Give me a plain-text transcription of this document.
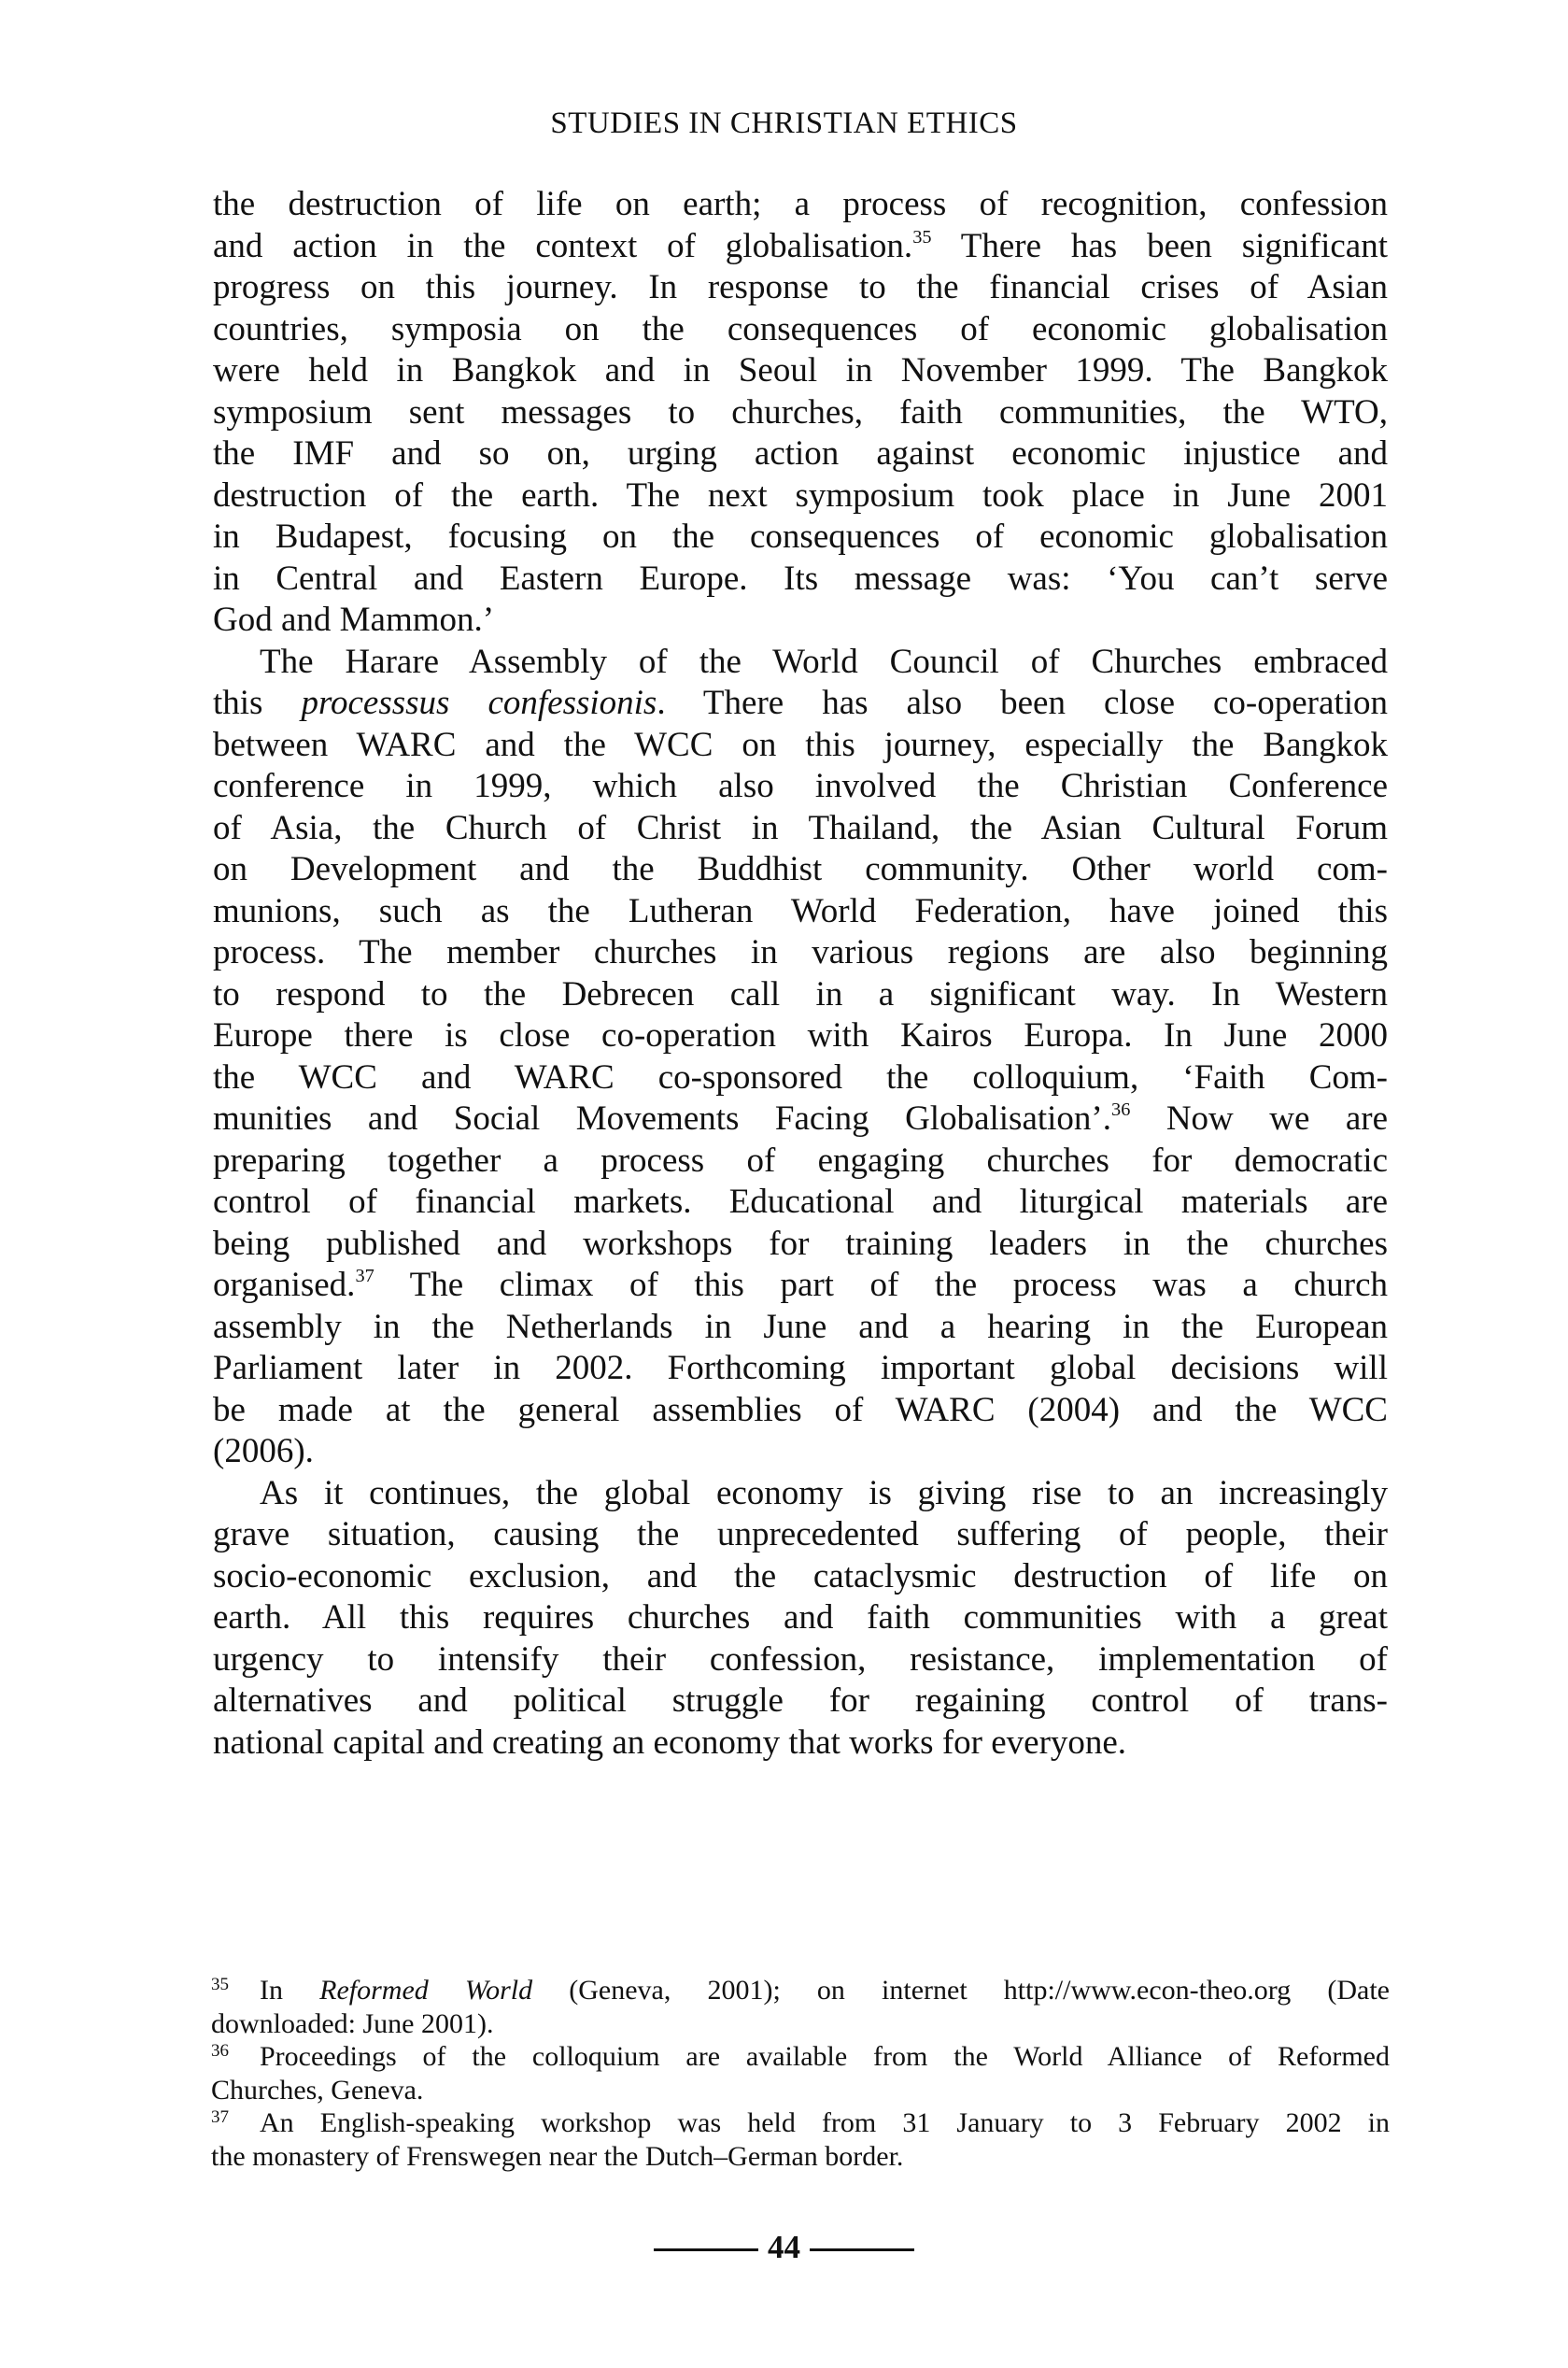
STUDIES IN CHRISTIAN ETHICS
the destruction of life on earth; a process of recognition, confession
and action in the context of globalisation.$^{35}$ There has been significant
progress on this journey. In response to the financial crises of Asian
countries, symposia on the consequences of economic globalisation
were held in Bangkok and in Seoul in November 1999. The Bangkok
symposium sent messages to churches, faith communities, the WTO,
the IMF and so on, urging action against economic injustice and
destruction of the earth. The next symposium took place in June 2001
in Budapest, focusing on the consequences of economic globalisation
in Central and Eastern Europe. Its message was: ‘You can’t serve
God and Mammon.’
The Harare Assembly of the World Council of Churches embraced
this processsus confessionis. There has also been close co-operation
between WARC and the WCC on this journey, especially the Bangkok
conference in 1999, which also involved the Christian Conference
of Asia, the Church of Christ in Thailand, the Asian Cultural Forum
on Development and the Buddhist community. Other world com-
munions, such as the Lutheran World Federation, have joined this
process. The member churches in various regions are also beginning
to respond to the Debrecen call in a significant way. In Western
Europe there is close co-operation with Kairos Europa. In June 2000
the WCC and WARC co-sponsored the colloquium, ‘Faith Com-
munities and Social Movements Facing Globalisation’.$^{36}$ Now we are
preparing together a process of engaging churches for democratic
control of financial markets. Educational and liturgical materials are
being published and workshops for training leaders in the churches
organised.$^{37}$ The climax of this part of the process was a church
assembly in the Netherlands in June and a hearing in the European
Parliament later in 2002. Forthcoming important global decisions will
be made at the general assemblies of WARC (2004) and the WCC
(2006).
As it continues, the global economy is giving rise to an increasingly
grave situation, causing the unprecedented suffering of people, their
socio-economic exclusion, and the cataclysmic destruction of life on
earth. All this requires churches and faith communities with a great
urgency to intensify their confession, resistance, implementation of
alternatives and political struggle for regaining control of trans-
national capital and creating an economy that works for everyone.
35 In Reformed World (Geneva, 2001); on internet http://www.econ-theo.org (Date
downloaded: June 2001).
36 Proceedings of the colloquium are available from the World Alliance of Reformed
Churches, Geneva.
37 An English-speaking workshop was held from 31 January to 3 February 2002 in
the monastery of Frenswegen near the Dutch–German border.
44
